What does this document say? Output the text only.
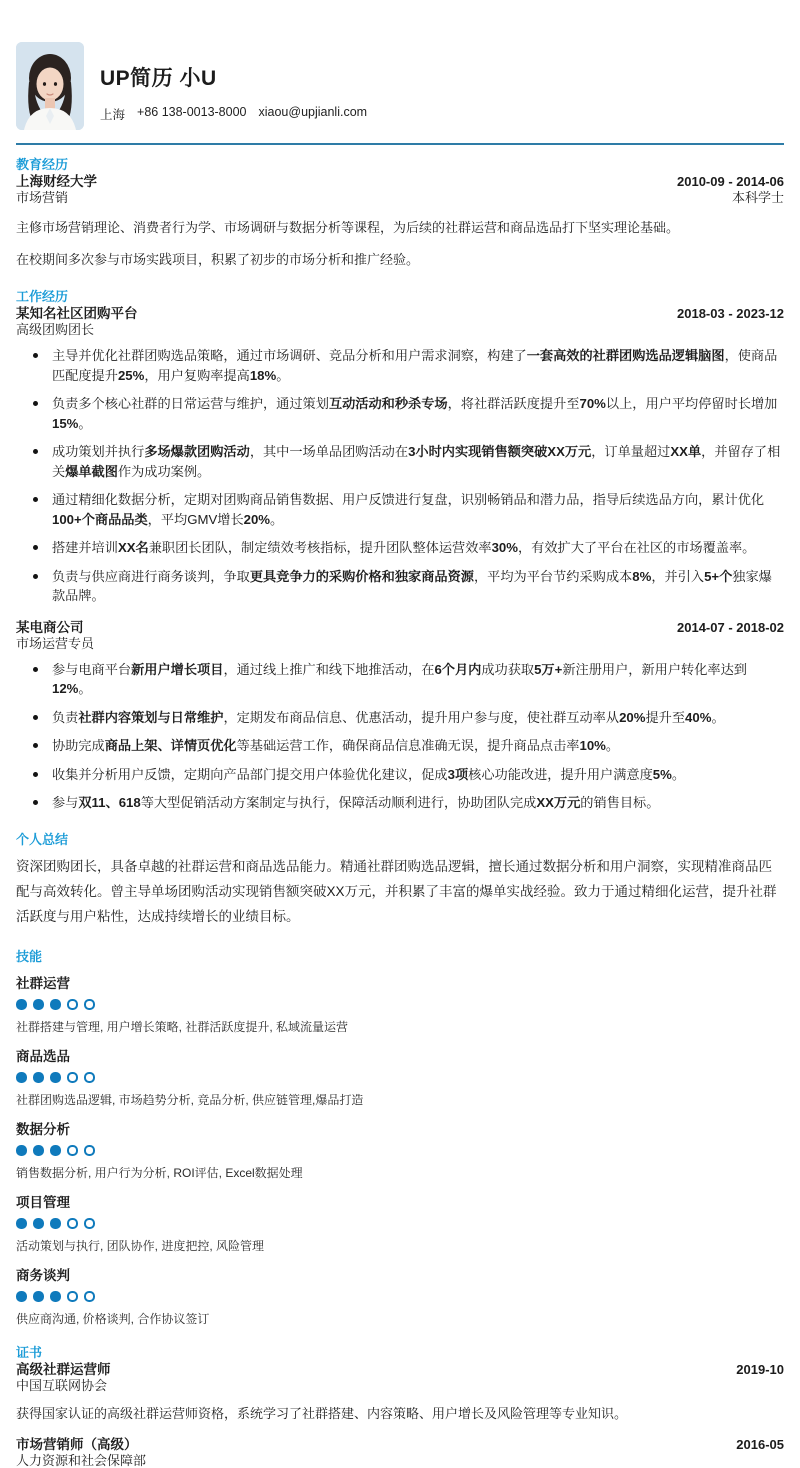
UP简历 小U
上海 +86 138-0013-8000 xiaou@upjianli.com
教育经历
上海财经大学	2010-09 - 2014-06
市场营销	本科学士

主修市场营销理论、消费者行为学、市场调研与数据分析等课程，为后续的社群运营和商品选品打下坚实理论基础。

在校期间多次参与市场实践项目，积累了初步的市场分析和推广经验。

工作经历
某知名社区团购平台	2018-03 - 2023-12
高级团购团长
主导并优化社群团购选品策略，通过市场调研、竞品分析和用户需求洞察，构建了一套高效的社群团购选品逻辑脑图，使商品匹配度提升25%，用户复购率提高18%。
负责多个核心社群的日常运营与维护，通过策划互动活动和秒杀专场，将社群活跃度提升至70%以上，用户平均停留时长增加15%。
成功策划并执行多场爆款团购活动，其中一场单品团购活动在3小时内实现销售额突破XX万元，订单量超过XX单，并留存了相关爆单截图作为成功案例。
通过精细化数据分析，定期对团购商品销售数据、用户反馈进行复盘，识别畅销品和潜力品，指导后续选品方向，累计优化100+个商品品类，平均GMV增长20%。
搭建并培训XX名兼职团长团队，制定绩效考核指标，提升团队整体运营效率30%，有效扩大了平台在社区的市场覆盖率。
负责与供应商进行商务谈判，争取更具竞争力的采购价格和独家商品资源，平均为平台节约采购成本8%，并引入5+个独家爆款品牌。
某电商公司	2014-07 - 2018-02
市场运营专员
参与电商平台新用户增长项目，通过线上推广和线下地推活动，在6个月内成功获取5万+新注册用户，新用户转化率达到12%。
负责社群内容策划与日常维护，定期发布商品信息、优惠活动，提升用户参与度，使社群互动率从20%提升至40%。
协助完成商品上架、详情页优化等基础运营工作，确保商品信息准确无误，提升商品点击率10%。
收集并分析用户反馈，定期向产品部门提交用户体验优化建议，促成3项核心功能改进，提升用户满意度5%。
参与双11、618等大型促销活动方案制定与执行，保障活动顺利进行，协助团队完成XX万元的销售目标。
个人总结
资深团购团长，具备卓越的社群运营和商品选品能力。精通社群团购选品逻辑，擅长通过数据分析和用户洞察，实现精准商品匹配与高效转化。曾主导单场团购活动实现销售额突破XX万元，并积累了丰富的爆单实战经验。致力于通过精细化运营，提升社群活跃度与用户粘性，达成持续增长的业绩目标。
技能
社群运营
社群搭建与管理, 用户增长策略, 社群活跃度提升, 私域流量运营
商品选品
社群团购选品逻辑, 市场趋势分析, 竞品分析, 供应链管理,爆品打造
数据分析
销售数据分析, 用户行为分析, ROI评估, Excel数据处理
项目管理
活动策划与执行, 团队协作, 进度把控, 风险管理
商务谈判
供应商沟通, 价格谈判, 合作协议签订
证书
高级社群运营师	2019-10
中国互联网协会

获得国家认证的高级社群运营师资格，系统学习了社群搭建、内容策略、用户增长及风险管理等专业知识。

市场营销师（高级）	2016-05
人力资源和社会保障部
